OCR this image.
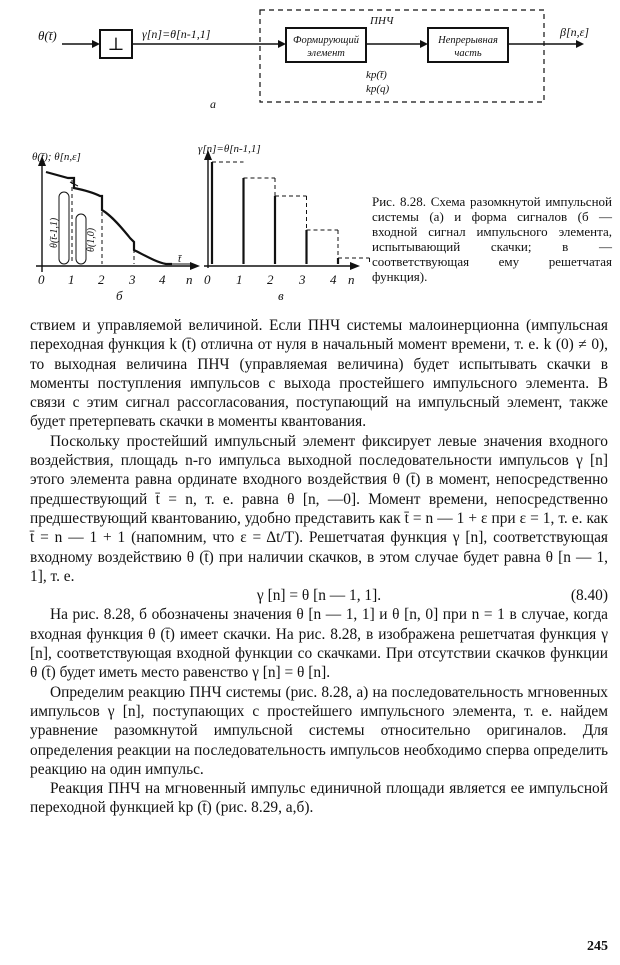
θ(t̄)	⊥ γ[n]=θ[n-1,1]
ПНЧ
Формирующий
элемент
Непрерывная
часть
β[n,ε]
kр(t̄)
kр(q)
а
θ(t̄); θ[n,ε]
θ(t̄-1,1)	θ(1,0)
t̄
0 1 2 3 4 n
б
γ[n]=θ[n-1,1]
0 1 2 3 4 n
в
Рис. 8.28. Схема разомкнутой импульсной системы (а) и форма сигналов (б — входной сигнал импульсного элемента, испытывающий скачки; в — соответствующая ему решетчатая функция).

ствием и управляемой величиной. Если ПНЧ системы малоинерционна (импульсная переходная функция k (t̄) отлична от нуля в начальный момент времени, т. е. k (0) ≠ 0), то выходная величина ПНЧ (управляемая величина) будет испытывать скачки в моменты поступления импульсов с выхода простейшего импульсного элемента. В связи с этим сигнал рассогласования, поступающий на импульсный элемент, также будет претерпевать скачки в моменты квантования.

Поскольку простейший импульсный элемент фиксирует левые значения входного воздействия, площадь n-го импульса выходной последовательности импульсов γ [n] этого элемента равна ординате входного воздействия θ (t̄) в момент, непосредственно предшествующий t̄ = n, т. е. равна θ [n, —0]. Момент времени, непосредственно предшествующий квантованию, удобно представить как t̄ = n — 1 + ε при ε = 1, т. е. как t̄ = n — 1 + 1 (напомним, что ε = Δt/T). Решетчатая функция γ [n], соответствующая входному воздействию θ (t̄) при наличии скачков, в этом случае будет равна θ [n — 1, 1], т. е.

γ [n] = θ [n — 1, 1].	(8.40)

На рис. 8.28, б обозначены значения θ [n — 1, 1] и θ [n, 0] при n = 1 в случае, когда входная функция θ (t̄) имеет скачки. На рис. 8.28, в изображена решетчатая функция γ [n], соответствующая входной функции со скачками. При отсутствии скачков функции θ (t̄) будет иметь место равенство γ [n] = θ [n].

Определим реакцию ПНЧ системы (рис. 8.28, а) на последовательность мгновенных импульсов γ [n], поступающих с простейшего импульсного элемента, т. е. найдем уравнение разомкнутой импульсной системы относительно оригиналов. Для определения реакции на последовательность импульсов необходимо сперва определить реакцию на один импульс.

Реакция ПНЧ на мгновенный импульс единичной площади является ее импульсной переходной функцией kр (t̄) (рис. 8.29, а,б).

245
